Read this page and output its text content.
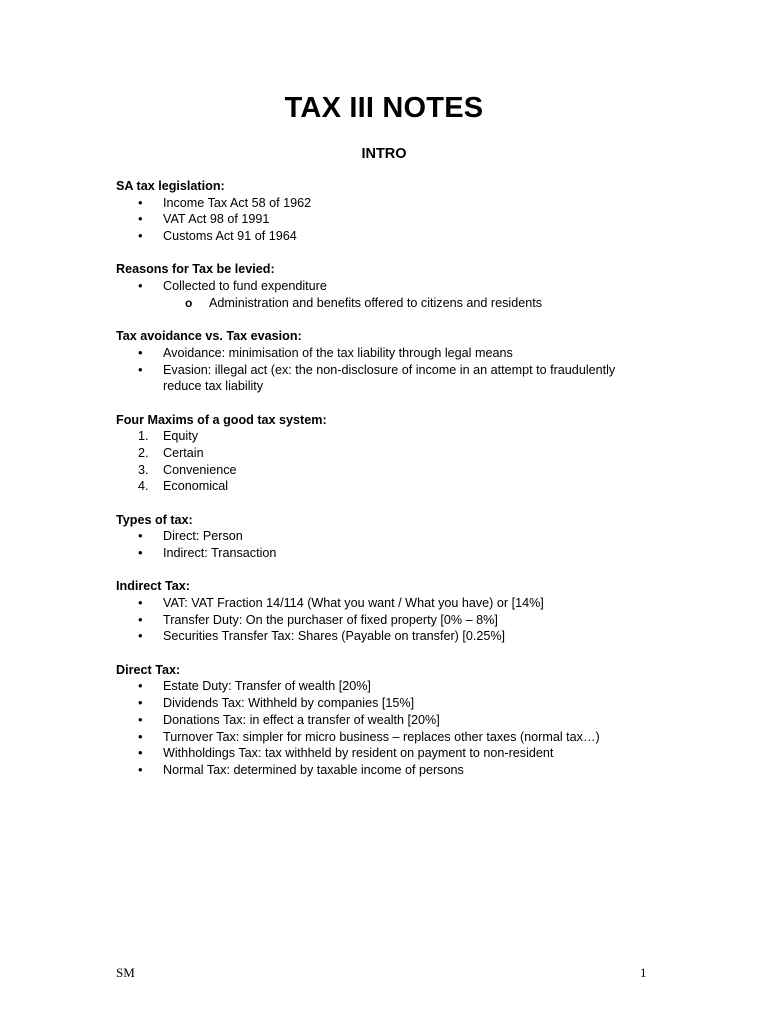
TAX III NOTES
INTRO
SA tax legislation:
•
Income Tax Act 58 of 1962
•
VAT Act 98 of 1991
•
Customs Act 91 of 1964
Reasons for Tax be levied:
•
Collected to fund expenditure
o
Administration and benefits offered to citizens and residents
Tax avoidance vs. Tax evasion:
•
Avoidance: minimisation of the tax liability through legal means
•
Evasion: illegal act (ex: the non-disclosure of income in an attempt to fraudulently reduce tax liability
Four Maxims of a good tax system:
1.	Equity
2.	Certain
3.	Convenience
4.	Economical
Types of tax:
•
Direct: Person
•
Indirect: Transaction
Indirect Tax:
•
VAT: VAT Fraction 14/114 (What you want / What you have) or [14%]
•
Transfer Duty: On the purchaser of fixed property [0% – 8%]
•
Securities Transfer Tax: Shares (Payable on transfer) [0.25%]
Direct Tax:
•
Estate Duty: Transfer of wealth [20%]
•
Dividends Tax: Withheld by companies [15%]
•
Donations Tax: in effect a transfer of wealth [20%]
•
Turnover Tax: simpler for micro business – replaces other taxes (normal tax…)
•
Withholdings Tax: tax withheld by resident on payment to non-resident
•
Normal Tax: determined by taxable income of persons
SM	1
